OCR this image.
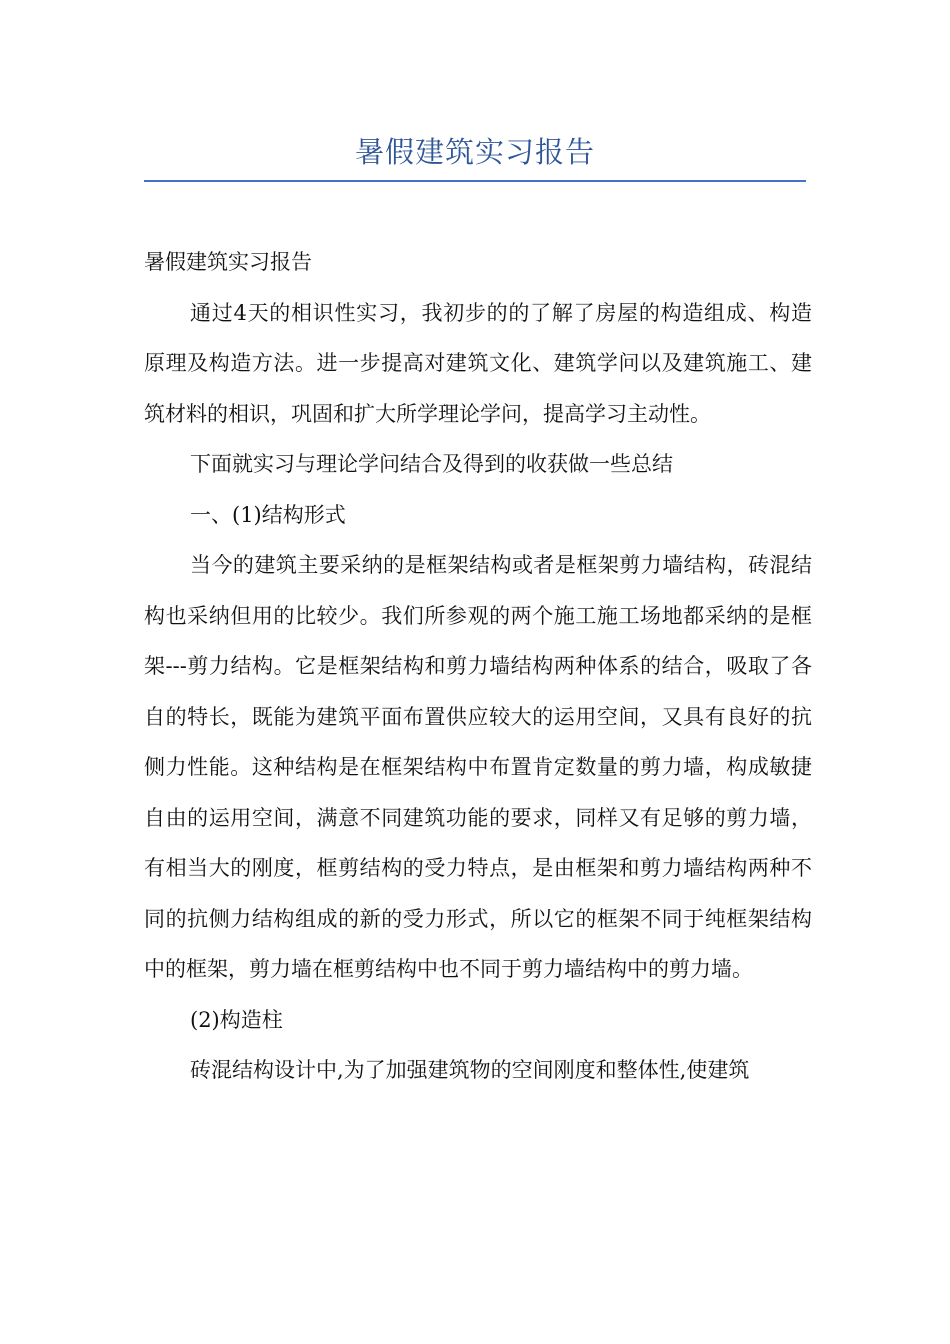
暑假建筑实习报告

暑假建筑实习报告

通过4天的相识性实习，我初步的的了解了房屋的构造组成、构造原理及构造方法。进一步提高对建筑文化、建筑学问以及建筑施工、建筑材料的相识，巩固和扩大所学理论学问，提高学习主动性。

下面就实习与理论学问结合及得到的收获做一些总结

一、(1)结构形式

当今的建筑主要采纳的是框架结构或者是框架剪力墙结构，砖混结构也采纳但用的比较少。我们所参观的两个施工施工场地都采纳的是框架---剪力结构。它是框架结构和剪力墙结构两种体系的结合，吸取了各自的特长，既能为建筑平面布置供应较大的运用空间，又具有良好的抗侧力性能。这种结构是在框架结构中布置肯定数量的剪力墙，构成敏捷自由的运用空间，满意不同建筑功能的要求，同样又有足够的剪力墙，有相当大的刚度，框剪结构的受力特点，是由框架和剪力墙结构两种不同的抗侧力结构组成的新的受力形式，所以它的框架不同于纯框架结构中的框架，剪力墙在框剪结构中也不同于剪力墙结构中的剪力墙。

(2)构造柱

砖混结构设计中,为了加强建筑物的空间刚度和整体性,使建筑
